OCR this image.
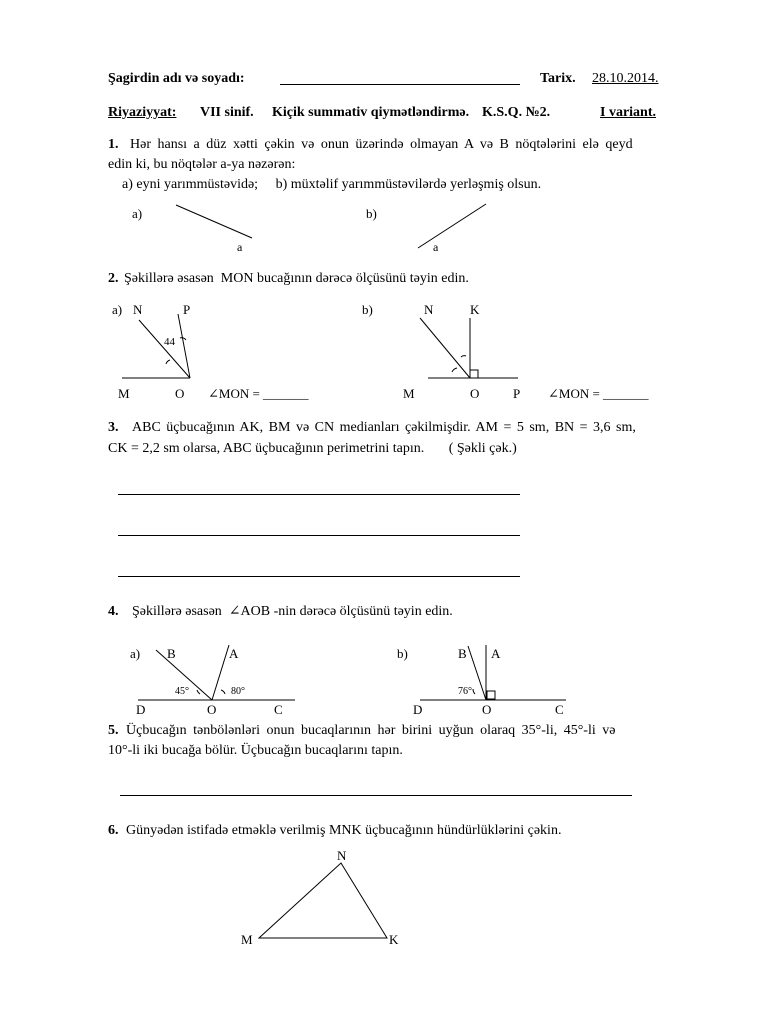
Şagirdin adı və soyadı:	Tarix. 28.10.2014.
Riyaziyyat: VII sinif. Kiçik summativ qiymətləndirmə. K.S.Q. №2.	I variant.
1. Hər hansı a düz xətti çəkin və onun üzərində olmayan A və B nöqtələrini elə qeyd
edin ki, bu nöqtələr a-ya nəzərən:
a) eyni yarımmüstəvidə;     b) müxtəlif yarımmüstəvilərdə yerləşmiş olsun.
a)
a
b)
a
a) N	P
44
M	O ∠MON = _______
b)	N	K
M	O	P ∠MON = _______
a) B	A
45°	80°
D	O	C
b)	B A
76°
D	O	C
N
M	K
2. Şəkillərə əsasən  MON bucağının dərəcə ölçüsünü təyin edin.
3. ABC üçbucağının AK, BM və CN medianları çəkilmişdir. AM = 5 sm, BN = 3,6 sm,
CK = 2,2 sm olarsa, ABC üçbucağının perimetrini tapın.       ( Şəkli çək.)
4. Şəkillərə əsasən  ∠AOB -nin dərəcə ölçüsünü təyin edin.
5. Üçbucağın tənbölənləri onun bucaqlarının hər birini uyğun olaraq 35°-li, 45°-li və
10°-li iki bucağa bölür. Üçbucağın bucaqlarını tapın.
6. Günyədən istifadə etməklə verilmiş MNK üçbucağının hündürlüklərini çəkin.
